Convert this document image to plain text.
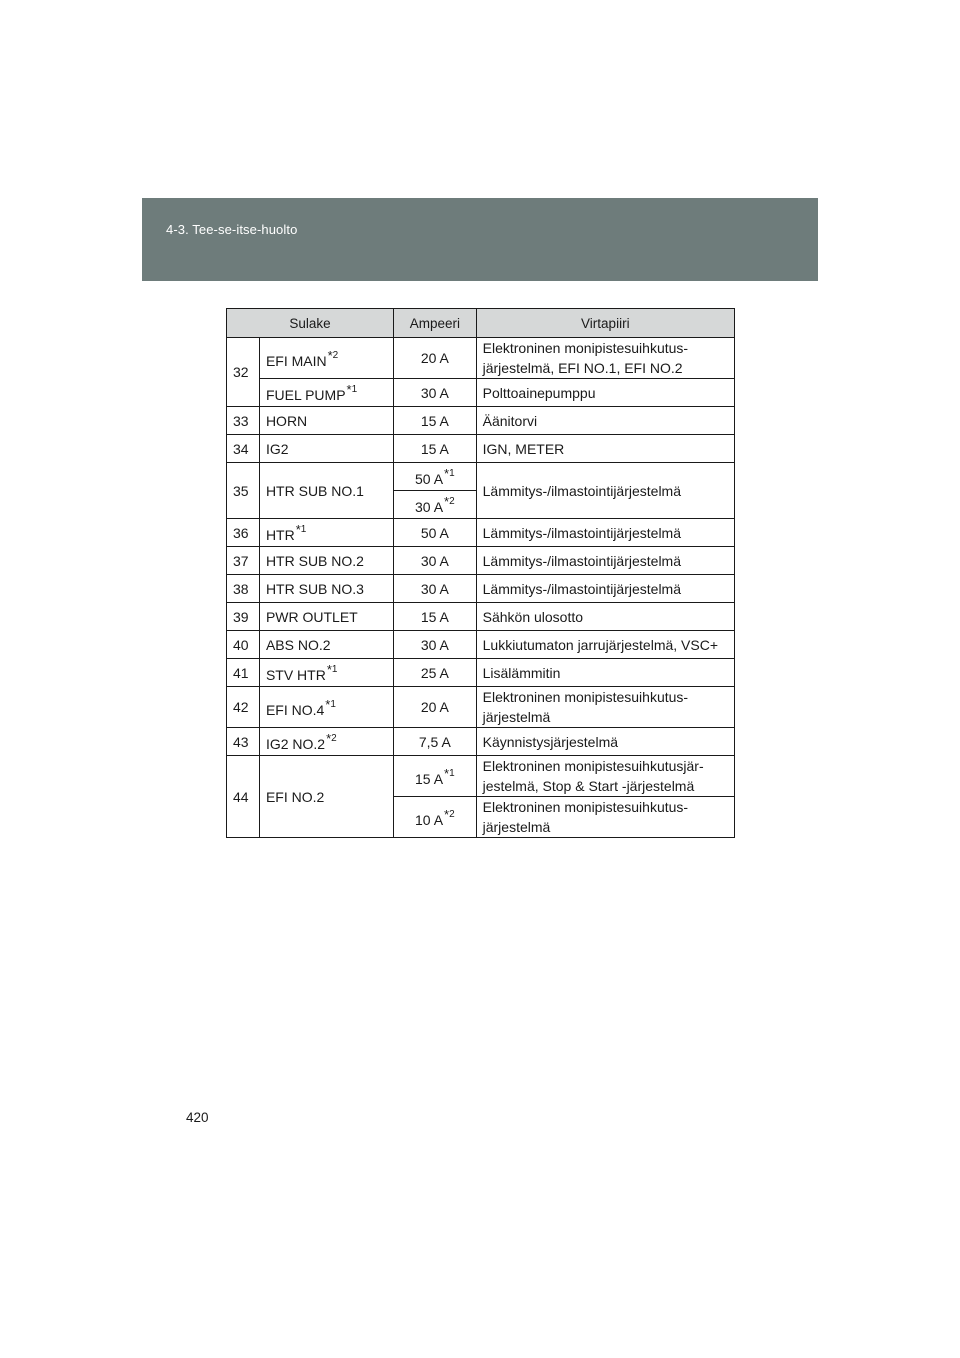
4-3. Tee-se-itse-huolto
Sulake		Ampeeri	Virtapiiri
32	EFI MAIN$^{*2}$	20 A	Elektroninen monipistesuihkutus-järjestelmä, EFI NO.1, EFI NO.2
	FUEL PUMP$^{*1}$	30 A	Polttoainepumppu
33	HORN	15 A	Äänitorvi
34	IG2	15 A	IGN, METER
35	HTR SUB NO.1	50 $A^{*1}$	Lämmitys-/ilmastointijärjestelmä
		30 $A^{*2}$
36	HTR$^{*1}$	50 A	Lämmitys-/ilmastointijärjestelmä
37	HTR SUB NO.2	30 A	Lämmitys-/ilmastointijärjestelmä
38	HTR SUB NO.3	30 A	Lämmitys-/ilmastointijärjestelmä
39	PWR OUTLET	15 A	Sähkön ulosotto
40	ABS NO.2	30 A	Lukkiutumaton jarrujärjestelmä, VSC+
41	STV HTR$^{*1}$	25 A	Lisälämmitin
42	EFI NO.4$^{*1}$	20 A	Elektroninen monipistesuihkutus-järjestelmä
43	IG2 NO.2$^{*2}$	7,5 A	Käynnistysjärjestelmä
44	EFI NO.2	15 $A^{*1}$	Elektroninen monipistesuihkutusjär-jestelmä, Stop & Start -järjestelmä
		10 $A^{*2}$	Elektroninen monipistesuihkutus-järjestelmä
420
